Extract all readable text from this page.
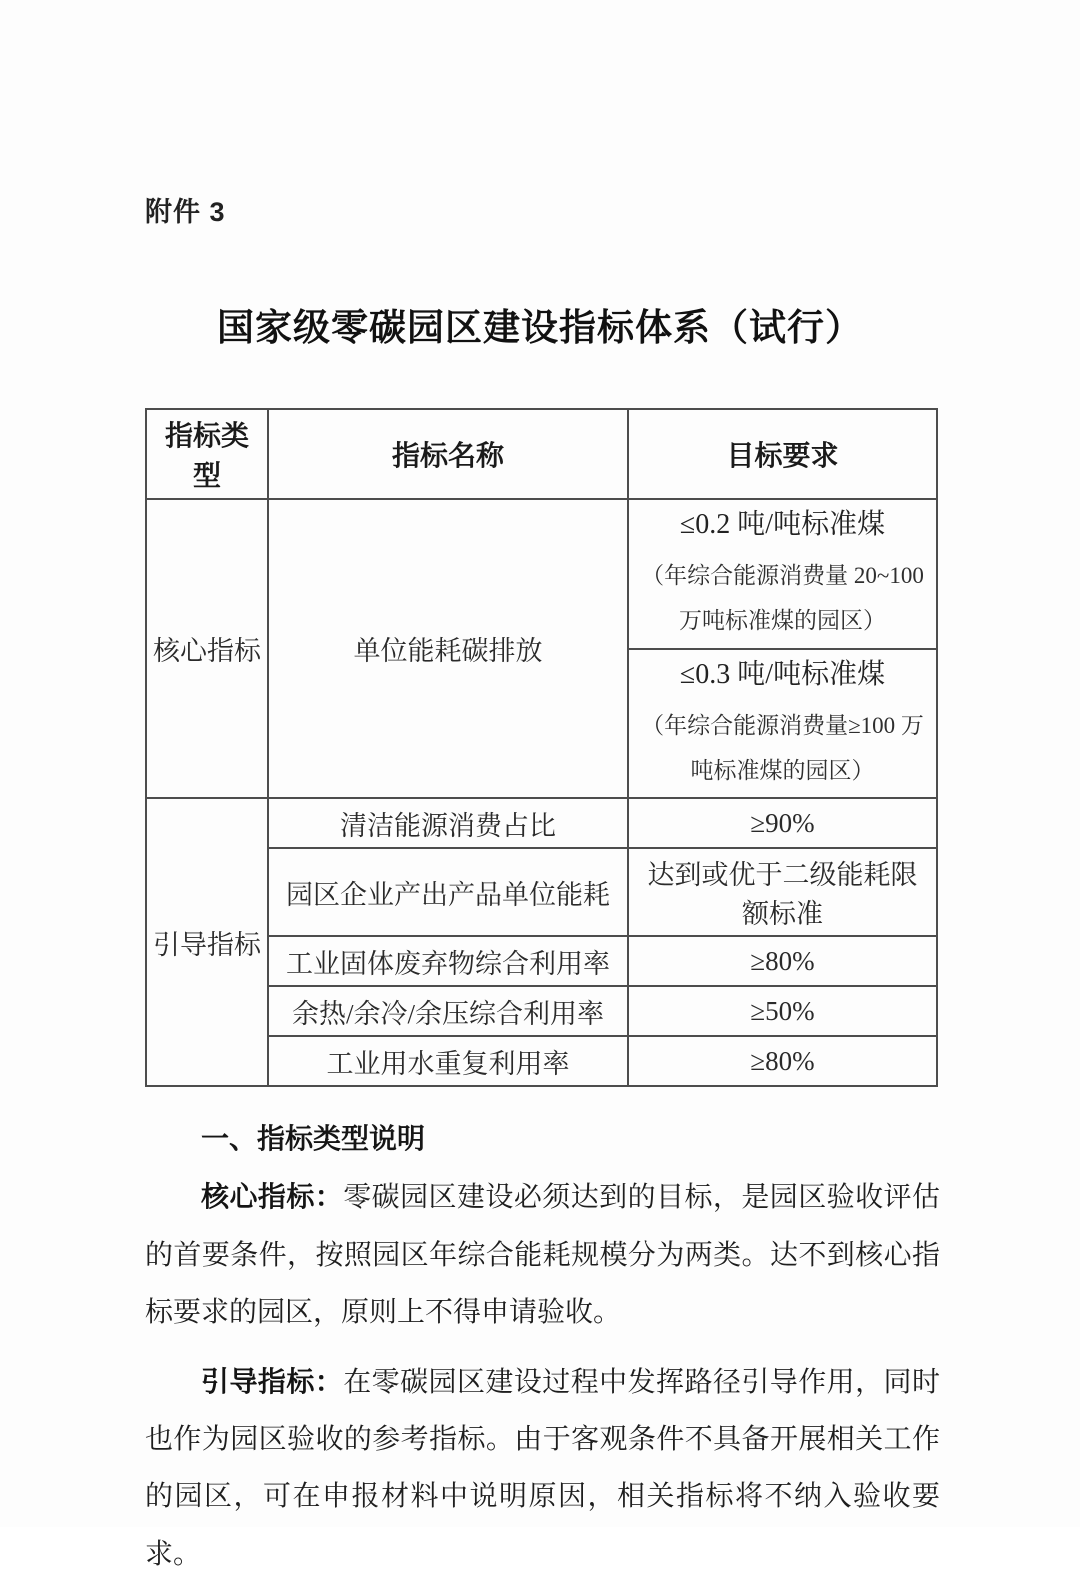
附件 3
国家级零碳园区建设指标体系（试行）
指标类型	指标名称	目标要求
核心指标	单位能耗碳排放	≤0.2 吨/吨标准煤
（年综合能源消费量 20~100 万吨标准煤的园区）

		≤0.3 吨/吨标准煤
（年综合能源消费量≥100 万吨标准煤的园区）

引导指标	清洁能源消费占比	≥90%
	园区企业产出产品单位能耗	达到或优于二级能耗限额标准
	工业固体废弃物综合利用率	≥80%
	余热/余冷/余压综合利用率	≥50%
	工业用水重复利用率	≥80%
一、指标类型说明

核心指标：零碳园区建设必须达到的目标，是园区验收评估的首要条件，按照园区年综合能耗规模分为两类。达不到核心指标要求的园区，原则上不得申请验收。

引导指标：在零碳园区建设过程中发挥路径引导作用，同时也作为园区验收的参考指标。由于客观条件不具备开展相关工作的园区，可在申报材料中说明原因，相关指标将不纳入验收要求。
